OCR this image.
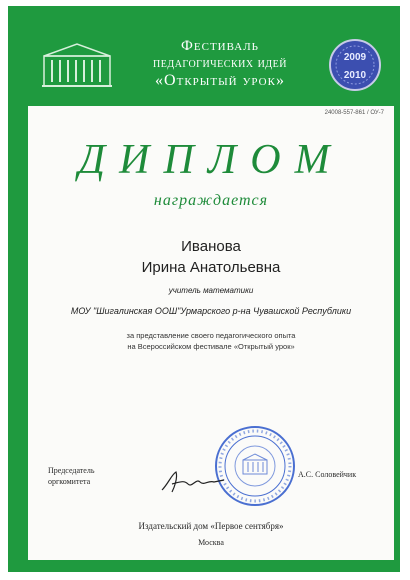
Фестиваль
педагогических идей
«Открытый урок»
2009
2010
24008-557-861 / ОУ-7
ДИПЛОМ
награждается
Иванова
Ирина Анатольевна
учитель математики
МОУ "Шигалинская ООШ"Урмарского р-на Чувашской Республики
за представление своего педагогического опыта
на Всероссийском фестивале «Открытый урок»
Председатель
оргкомитета
А.С. Соловейчик
Издательский дом «Первое сентября»
Москва
